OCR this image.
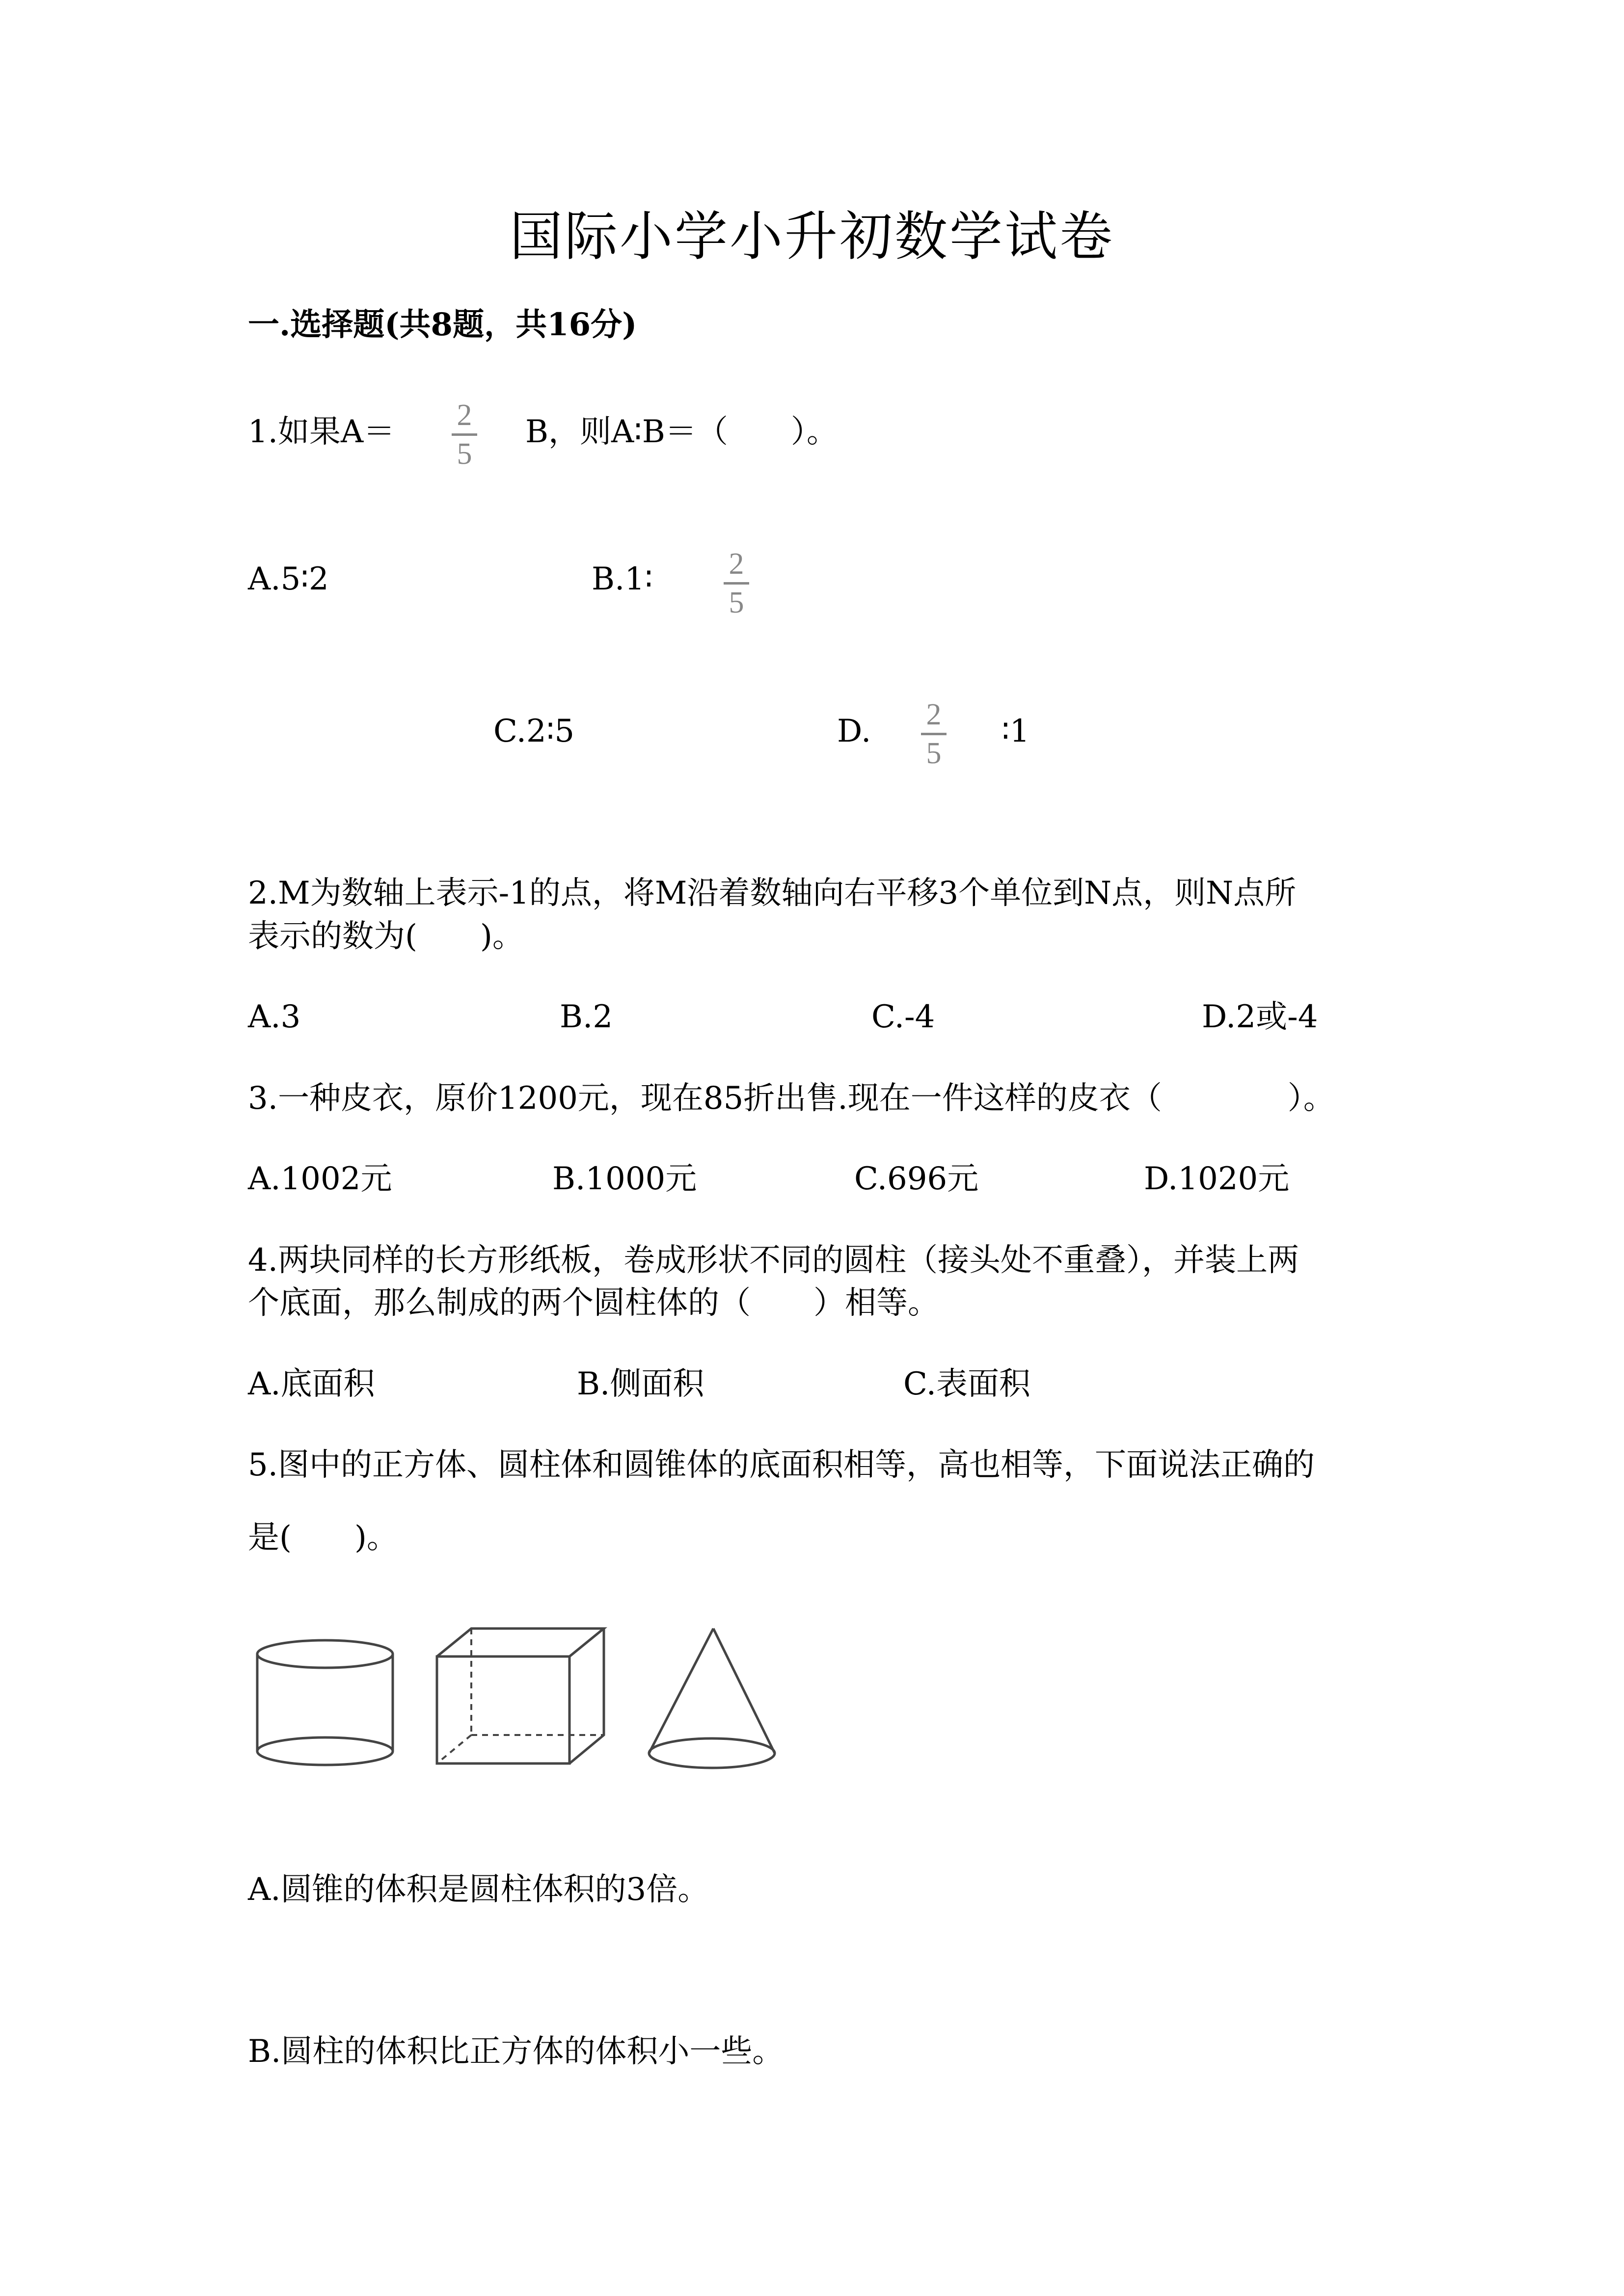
国际小学小升初数学试卷
一.选择题(共8题，共16分)
1.如果A＝ 2
5
B，则A∶B＝（　　）。
A.5∶2	B.1∶ 2
5
C.2∶5	D. 2
5
∶1
2.M为数轴上表示-1的点，将M沿着数轴向右平移3个单位到N点，则N点所
表示的数为(　　)。
A.3	B.2	C.-4	D.2或-4
3.一种皮衣，原价1200元，现在85折出售.现在一件这样的皮衣（　　　　）。
A.1002元	B.1000元	C.696元	D.1020元
4.两块同样的长方形纸板，卷成形状不同的圆柱（接头处不重叠），并装上两
个底面，那么制成的两个圆柱体的（　　）相等。
A.底面积	B.侧面积	C.表面积
5.图中的正方体、圆柱体和圆锥体的底面积相等，高也相等，下面说法正确的
是(　　)。
A.圆锥的体积是圆柱体积的3倍。
B.圆柱的体积比正方体的体积小一些。
